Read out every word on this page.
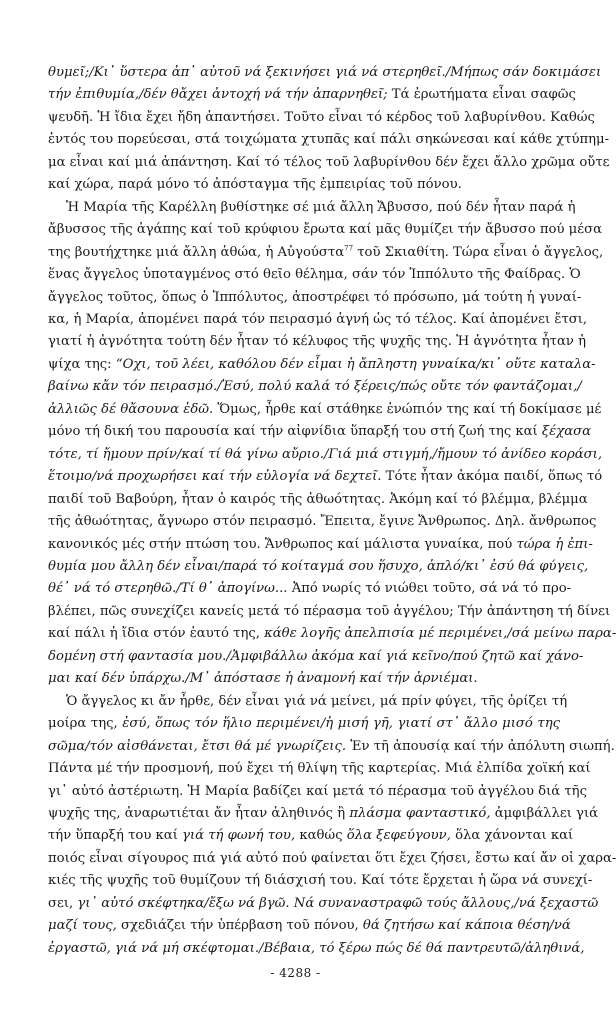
θυμεῖ;/Κι᾽ ὕστερα ἀπ᾽ αὐτοῦ νά ξεκινήσει γιά νά στερηθεῖ./Μήπως σάν δοκιμάσει
τήν ἐπιθυμία,/δέν θἄχει ἀντοχή νά τήν ἀπαρνηθεῖ; Τά ἐρωτήματα εἶναι σαφῶς
ψευδῆ. Ἡ ἴδια ἔχει ἤδη ἀπαντήσει. Τοῦτο εἶναι τό κέρδος τοῦ λαβυρίνθου. Καθώς
ἐντός του πορεύεσαι, στά τοιχώματα χτυπᾶς καί πάλι σηκώνεσαι καί κάθε χτύπημ-
μα εἶναι καί μιά ἀπάντηση. Καί τό τέλος τοῦ λαβυρίνθου δέν ἔχει ἄλλο χρῶμα οὔτε
καί χώρα, παρά μόνο τό ἀπόσταγμα τῆς ἐμπειρίας τοῦ πόνου.
Ἡ Μαρία τῆς Καρέλλη βυθίστηκε σέ μιά ἄλλη Ἄβυσσο, πού δέν ἦταν παρά ἡ
ἄβυσσος τῆς ἀγάπης καί τοῦ κρύφιου ἔρωτα καί μᾶς θυμίζει τήν ἄβυσσο πού μέσα
της βουτήχτηκε μιά ἄλλη ἀθώα, ἡ Αὐγούστα$^{77}$ τοῦ Σκιαθίτη. Τώρα εἶναι ὁ ἄγγελος,
ἕνας ἄγγελος ὑποταγμένος στό θεῖο θέλημα, σάν τόν Ἱππόλυτο τῆς Φαίδρας. Ὁ
ἄγγελος τοῦτος, ὅπως ὁ Ἱππόλυτος, ἀποστρέφει τό πρόσωπο, μά τούτη ἡ γυναί-
κα, ἡ Μαρία, ἀπομένει παρά τόν πειρασμό ἁγνή ὡς τό τέλος. Καί ἀπομένει ἔτσι,
γιατί ἡ ἁγνότητα τούτη δέν ἦταν τό κέλυφος τῆς ψυχῆς της. Ἡ ἁγνότητα ἦταν ἡ
ψίχα της: “Οχι, τοῦ λέει, καθόλου δέν εἶμαι ἡ ἄπληστη γυναίκα/κι᾽ οὔτε καταλα-
βαίνω κἄν τόν πειρασμό./Ἐσύ, πολύ καλά τό ξέρεις/πώς οὔτε τόν φαντάζομαι,/
ἀλλιῶς δέ θἄσουνα ἐδῶ. Ὅμως, ἦρθε καί στάθηκε ἐνώπιόν της καί τή δοκίμασε μέ
μόνο τή δική του παρουσία καί τήν αἰφνίδια ὕπαρξή του στή ζωή της καί ξέχασα
τότε, τί ἤμουν πρίν/καί τί θά γίνω αὔριο./Γιά μιά στιγμή,/ἤμουν τό ἀνίδεο κοράσι,
ἕτοιμο/νά προχωρήσει καί τήν εὐλογία νά δεχτεῖ. Τότε ἦταν ἀκόμα παιδί, ὅπως τό
παιδί τοῦ Βαβούρη, ἦταν ὁ καιρός τῆς ἀθωότητας. Ἀκόμη καί τό βλέμμα, βλέμμα
τῆς ἀθωότητας, ἄγνωρο στόν πειρασμό. Ἔπειτα, ἔγινε Ἄνθρωπος. Δηλ. ἄνθρωπος
κανονικός μές στήν πτώση του. Ἄνθρωπος καί μάλιστα γυναίκα, πού τώρα ἡ ἐπι-
θυμία μου ἄλλη δέν εἶναι/παρά τό κοίταγμά σου ἥσυχο, ἁπλό/κι᾽ ἐσύ θά φύγεις,
θέ᾽ νά τό στερηθῶ./Τί θ᾽ ἀπογίνω... Ἀπό νωρίς τό νιώθει τοῦτο, σά νά τό προ-
βλέπει, πῶς συνεχίζει κανείς μετά τό πέρασμα τοῦ ἀγγέλου; Τήν ἀπάντηση τή δίνει
καί πάλι ἡ ἴδια στόν ἑαυτό της, κάθε λογῆς ἀπελπισία μέ περιμένει,/σά μείνω παρα-
δομένη στή φαντασία μου./Ἀμφιβάλλω ἀκόμα καί γιά κεῖνο/πού ζητῶ καί χάνο-
μαι καί δέν ὑπάρχω./Μ᾽ ἀπόστασε ἡ ἀναμονή καί τήν ἀρνιέμαι.
Ὁ ἄγγελος κι ἄν ἦρθε, δέν εἶναι γιά νά μείνει, μά πρίν φύγει, τῆς ὁρίζει τή
μοίρα της, ἐσύ, ὅπως τόν ἥλιο περιμένει/ἡ μισή γῆ, γιατί στ᾽ ἄλλο μισό της
σῶμα/τόν αἰσθάνεται, ἔτσι θά μέ γνωρίζεις. Ἐν τῆ ἀπουσίᾳ καί τήν ἀπόλυτη σιωπή.
Πάντα μέ τήν προσμονή, πού ἔχει τή θλίψη τῆς καρτερίας. Μιά ἐλπίδα χοϊκή καί
γι᾽ αὐτό ἀστέριωτη. Ἡ Μαρία βαδίζει καί μετά τό πέρασμα τοῦ ἀγγέλου διά τῆς
ψυχῆς της, ἀναρωτιέται ἄν ἦταν ἀληθινός ἢ πλάσμα φανταστικό, ἀμφιβάλλει γιά
τήν ὕπαρξή του καί γιά τή φωνή του, καθώς ὅλα ξεφεύγουν, ὅλα χάνονται καί
ποιός εἶναι σίγουρος πιά γιά αὐτό πού φαίνεται ὅτι ἔχει ζήσει, ἔστω καί ἄν οἱ χαρα-
κιές τῆς ψυχῆς τοῦ θυμίζουν τή διάσχισή του. Καί τότε ἔρχεται ἡ ὥρα νά συνεχί-
σει, γι᾽ αὐτό σκέφτηκα/ἔξω νά βγῶ. Νά συναναστραφῶ τούς ἄλλους,/νά ξεχαστῶ
μαζί τους, σχεδιάζει τήν ὑπέρβαση τοῦ πόνου, θά ζητήσω καί κάποια θέση/νά
ἐργαστῶ, γιά νά μή σκέφτομαι./Βέβαια, τό ξέρω πώς δέ θά παντρευτῶ/ἀληθινά,
- 4288 -
